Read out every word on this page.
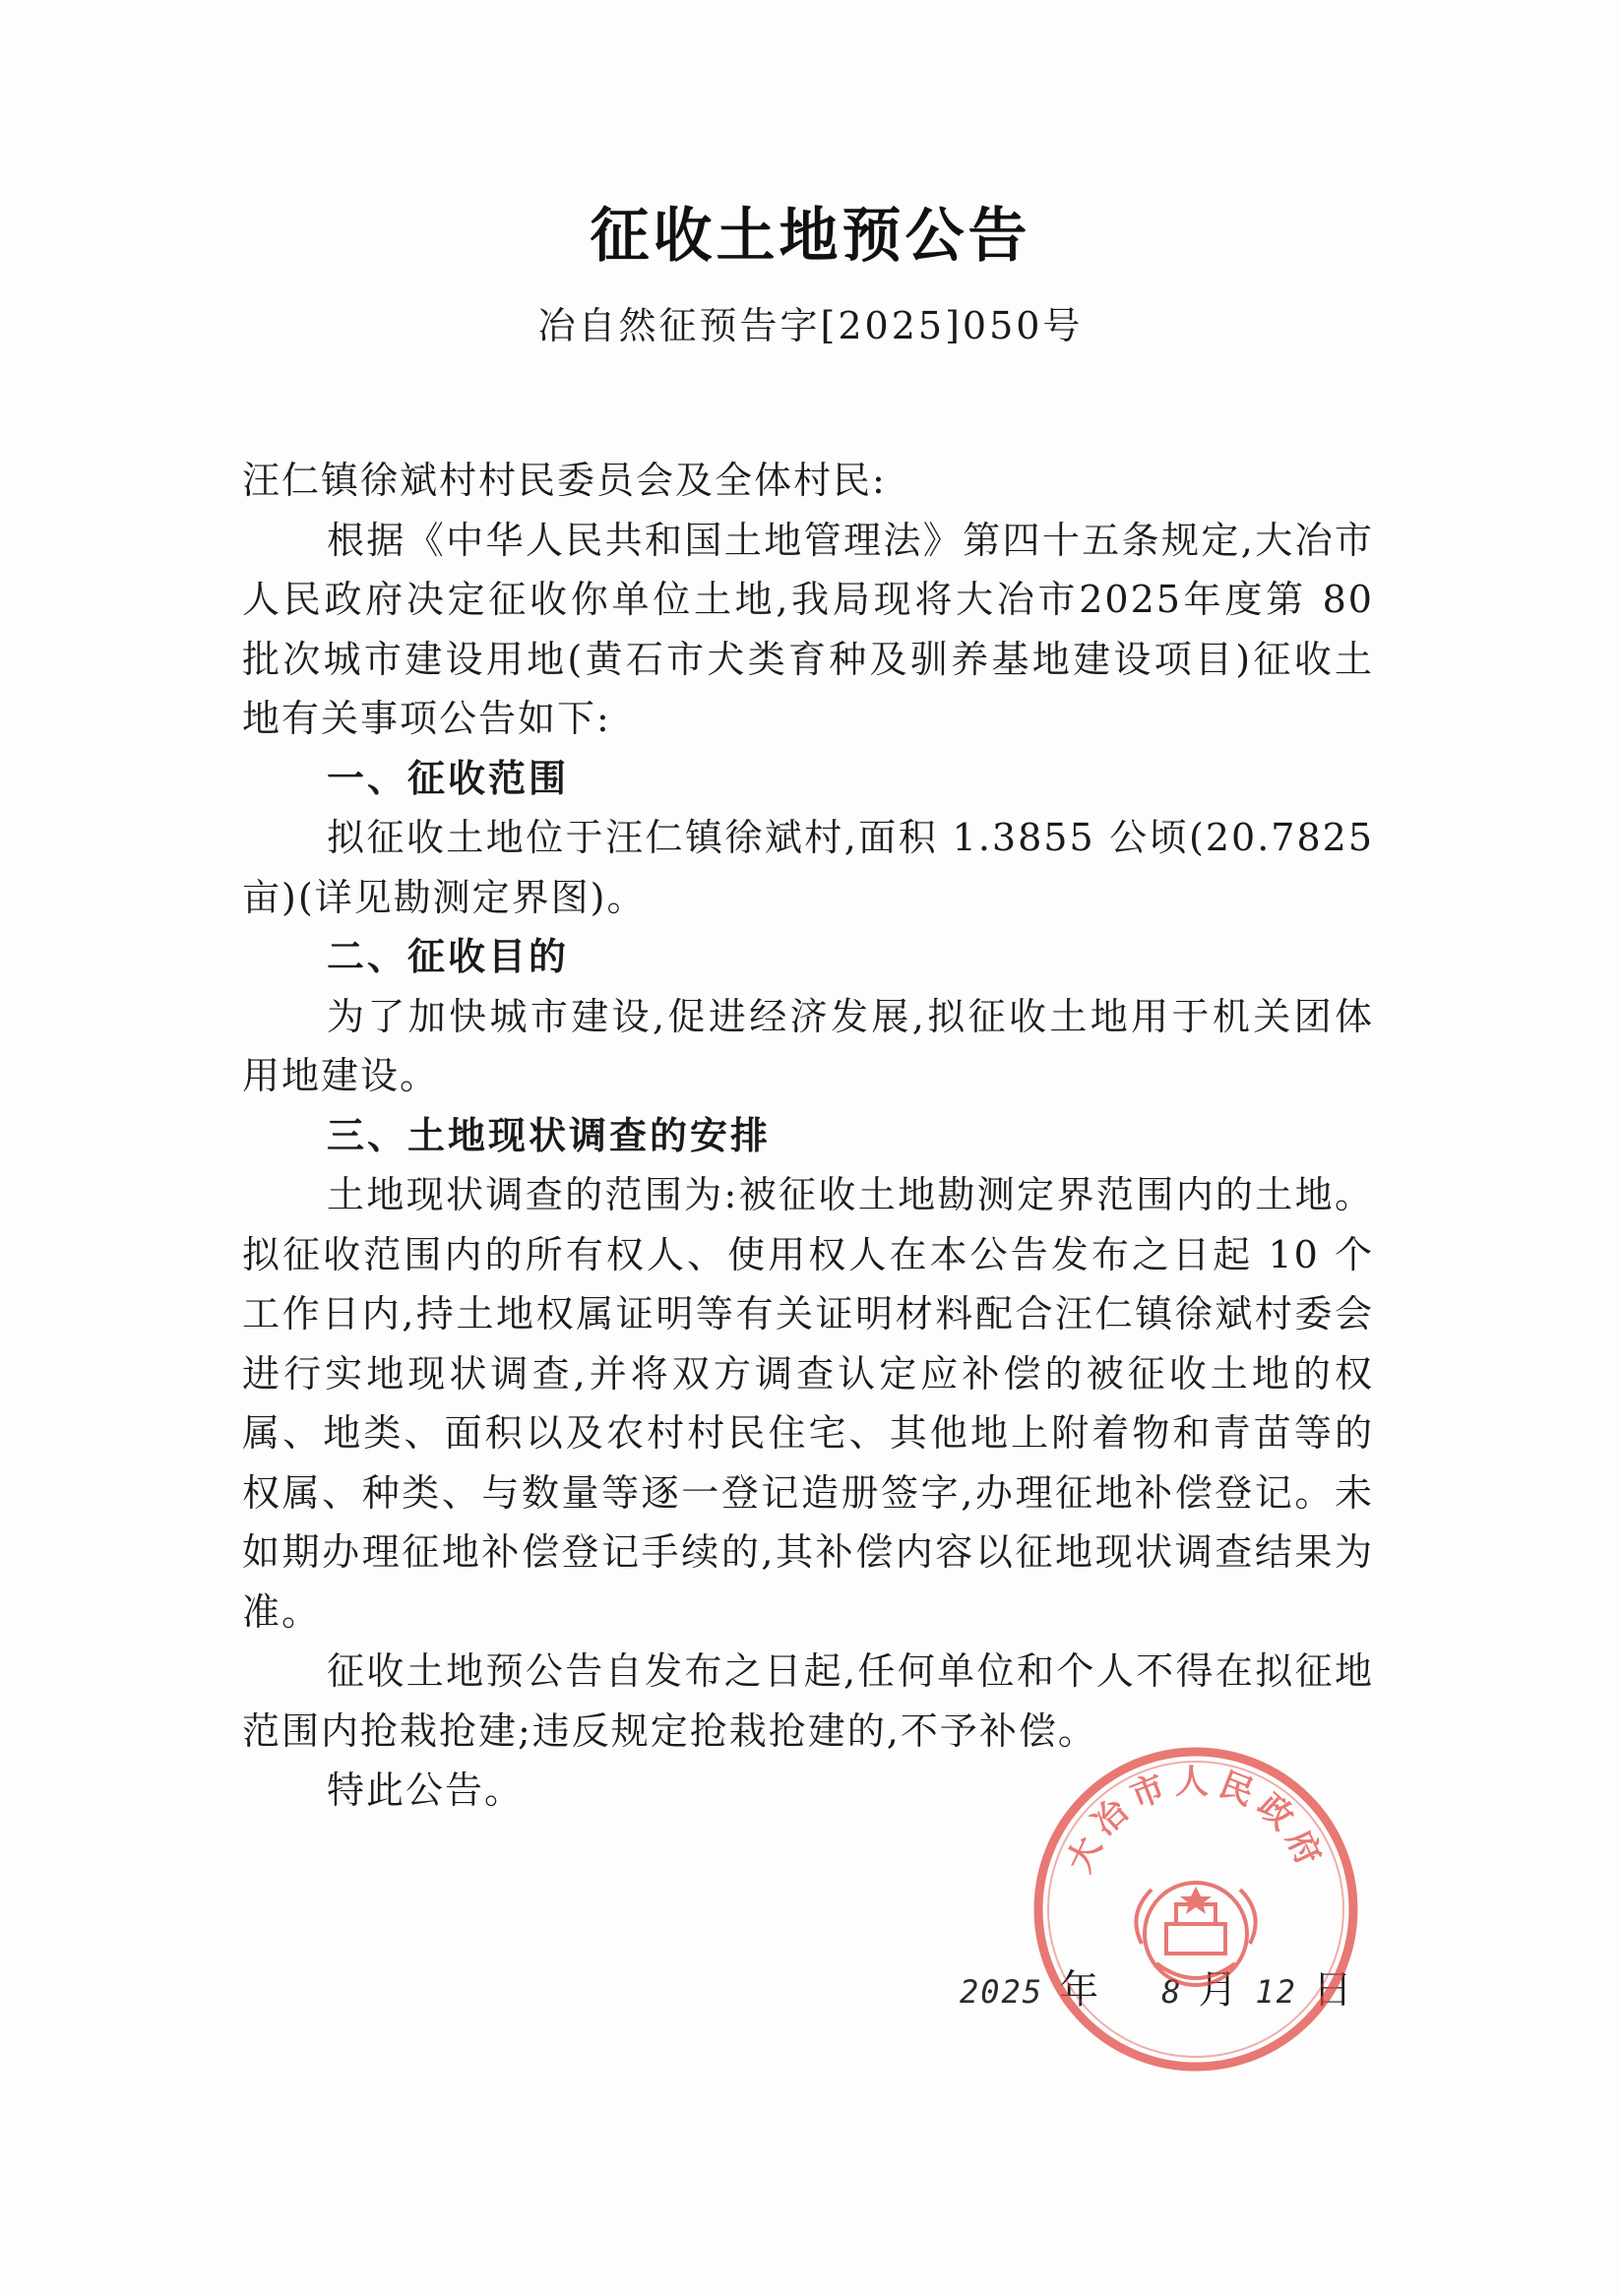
征收土地预公告
冶自然征预告字[2025]050号

汪仁镇徐斌村村民委员会及全体村民:

根据《中华人民共和国土地管理法》第四十五条规定,大冶市人民政府决定征收你单位土地,我局现将大冶市2025年度第 80 批次城市建设用地(黄石市犬类育种及驯养基地建设项目)征收土地有关事项公告如下:

一、征收范围

拟征收土地位于汪仁镇徐斌村,面积 1.3855 公顷(20.7825亩)(详见勘测定界图)。

二、征收目的

为了加快城市建设,促进经济发展,拟征收土地用于机关团体用地建设。

三、土地现状调查的安排

土地现状调查的范围为:被征收土地勘测定界范围内的土地。拟征收范围内的所有权人、使用权人在本公告发布之日起 10 个工作日内,持土地权属证明等有关证明材料配合汪仁镇徐斌村委会进行实地现状调查,并将双方调查认定应补偿的被征收土地的权属、地类、面积以及农村村民住宅、其他地上附着物和青苗等的权属、种类、与数量等逐一登记造册签字,办理征地补偿登记。未如期办理征地补偿登记手续的,其补偿内容以征地现状调查结果为准。

征收土地预公告自发布之日起,任何单位和个人不得在拟征地范围内抢栽抢建;违反规定抢栽抢建的,不予补偿。

特此公告。

2025 年 8 月 12 日
大冶市人民政府
